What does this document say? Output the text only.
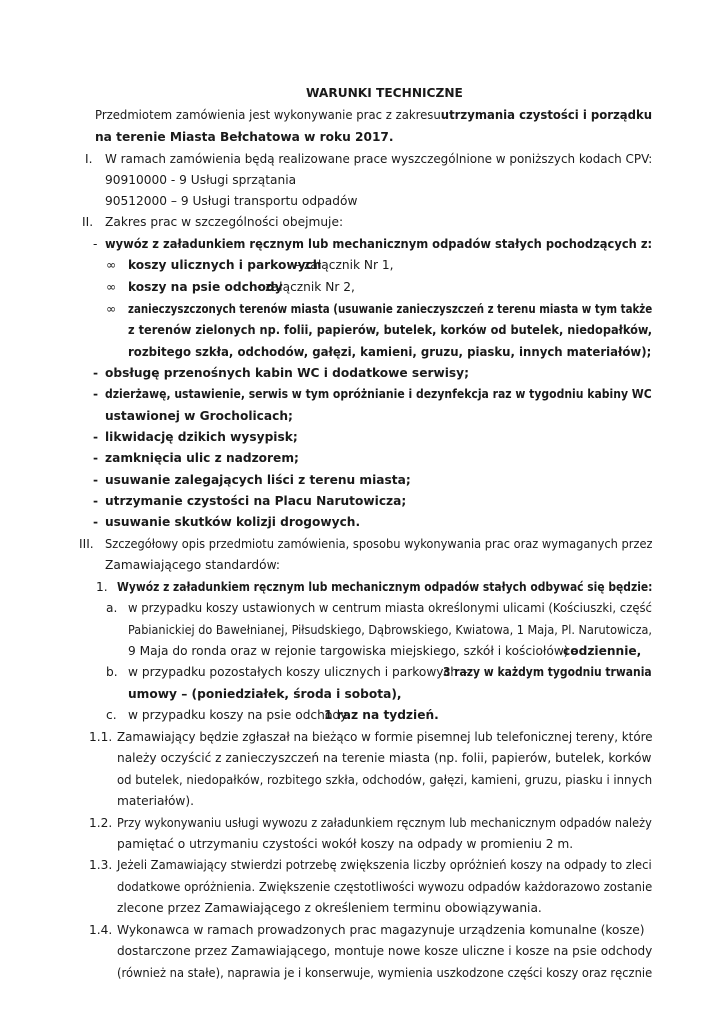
WARUNKI TECHNICZNE
Przedmiotem zamówienia jest wykonywanie prac z zakresu utrzymania czystości i porządku
na terenie Miasta Bełchatowa w roku 2017.
I. W ramach zamówienia będą realizowane prace wyszczególnione w poniższych kodach CPV:
90910000 - 9 Usługi sprzątania
90512000 – 9 Usługi transportu odpadów
II. Zakres prac w szczególności obejmuje:
- wywóz z załadunkiem ręcznym lub mechanicznym odpadów stałych pochodzących z:
∞ koszy ulicznych i parkowych
– załącznik Nr 1,
∞ koszy na psie odchody
- załącznik Nr 2,
∞ zanieczyszczonych terenów miasta (usuwanie zanieczyszczeń z terenu miasta w tym także
z terenów zielonych np. folii, papierów, butelek, korków od butelek, niedopałków,
rozbitego szkła, odchodów, gałęzi, kamieni, gruzu, piasku, innych materiałów);
- obsługę przenośnych kabin WC i dodatkowe serwisy;
- dzierżawę, ustawienie, serwis w tym opróżnianie i dezynfekcja raz w tygodniu kabiny WC
ustawionej w Grocholicach;
- likwidację dzikich wysypisk;
- zamknięcia ulic z nadzorem;
- usuwanie zalegających liści z terenu miasta;
- utrzymanie czystości na Placu Narutowicza;
- usuwanie skutków kolizji drogowych.
III. Szczegółowy opis przedmiotu zamówienia, sposobu wykonywania prac oraz wymaganych przez
Zamawiającego standardów:
1. Wywóz z załadunkiem ręcznym lub mechanicznym odpadów stałych odbywać się będzie:
a. w przypadku koszy ustawionych w centrum miasta określonymi ulicami (Kościuszki, część
Pabianickiej do Bawełnianej, Piłsudskiego, Dąbrowskiego, Kwiatowa, 1 Maja, Pl. Narutowicza,
9 Maja do ronda oraz w rejonie targowiska miejskiego, szkół i kościołów) –
codziennie,
b. w przypadku pozostałych koszy ulicznych i parkowych –
3 razy w każdym tygodniu trwania
umowy – (poniedziałek, środa i sobota),
c. w przypadku koszy na psie odchody
1 raz na tydzień.
1.1. Zamawiający będzie zgłaszał na bieżąco w formie pisemnej lub telefonicznej tereny, które
należy oczyścić z zanieczyszczeń na terenie miasta (np. folii, papierów, butelek, korków
od butelek, niedopałków, rozbitego szkła, odchodów, gałęzi, kamieni, gruzu, piasku i innych
materiałów).
1.2. Przy wykonywaniu usługi wywozu z załadunkiem ręcznym lub mechanicznym odpadów należy
pamiętać o utrzymaniu czystości wokół koszy na odpady w promieniu 2 m.
1.3. Jeżeli Zamawiający stwierdzi potrzebę zwiększenia liczby opróżnień koszy na odpady to zleci
dodatkowe opróżnienia. Zwiększenie częstotliwości wywozu odpadów każdorazowo zostanie
zlecone przez Zamawiającego z określeniem terminu obowiązywania.
1.4. Wykonawca w ramach prowadzonych prac magazynuje urządzenia komunalne (kosze)
dostarczone przez Zamawiającego, montuje nowe kosze uliczne i kosze na psie odchody
(również na stałe), naprawia je i konserwuje, wymienia uszkodzone części koszy oraz ręcznie
